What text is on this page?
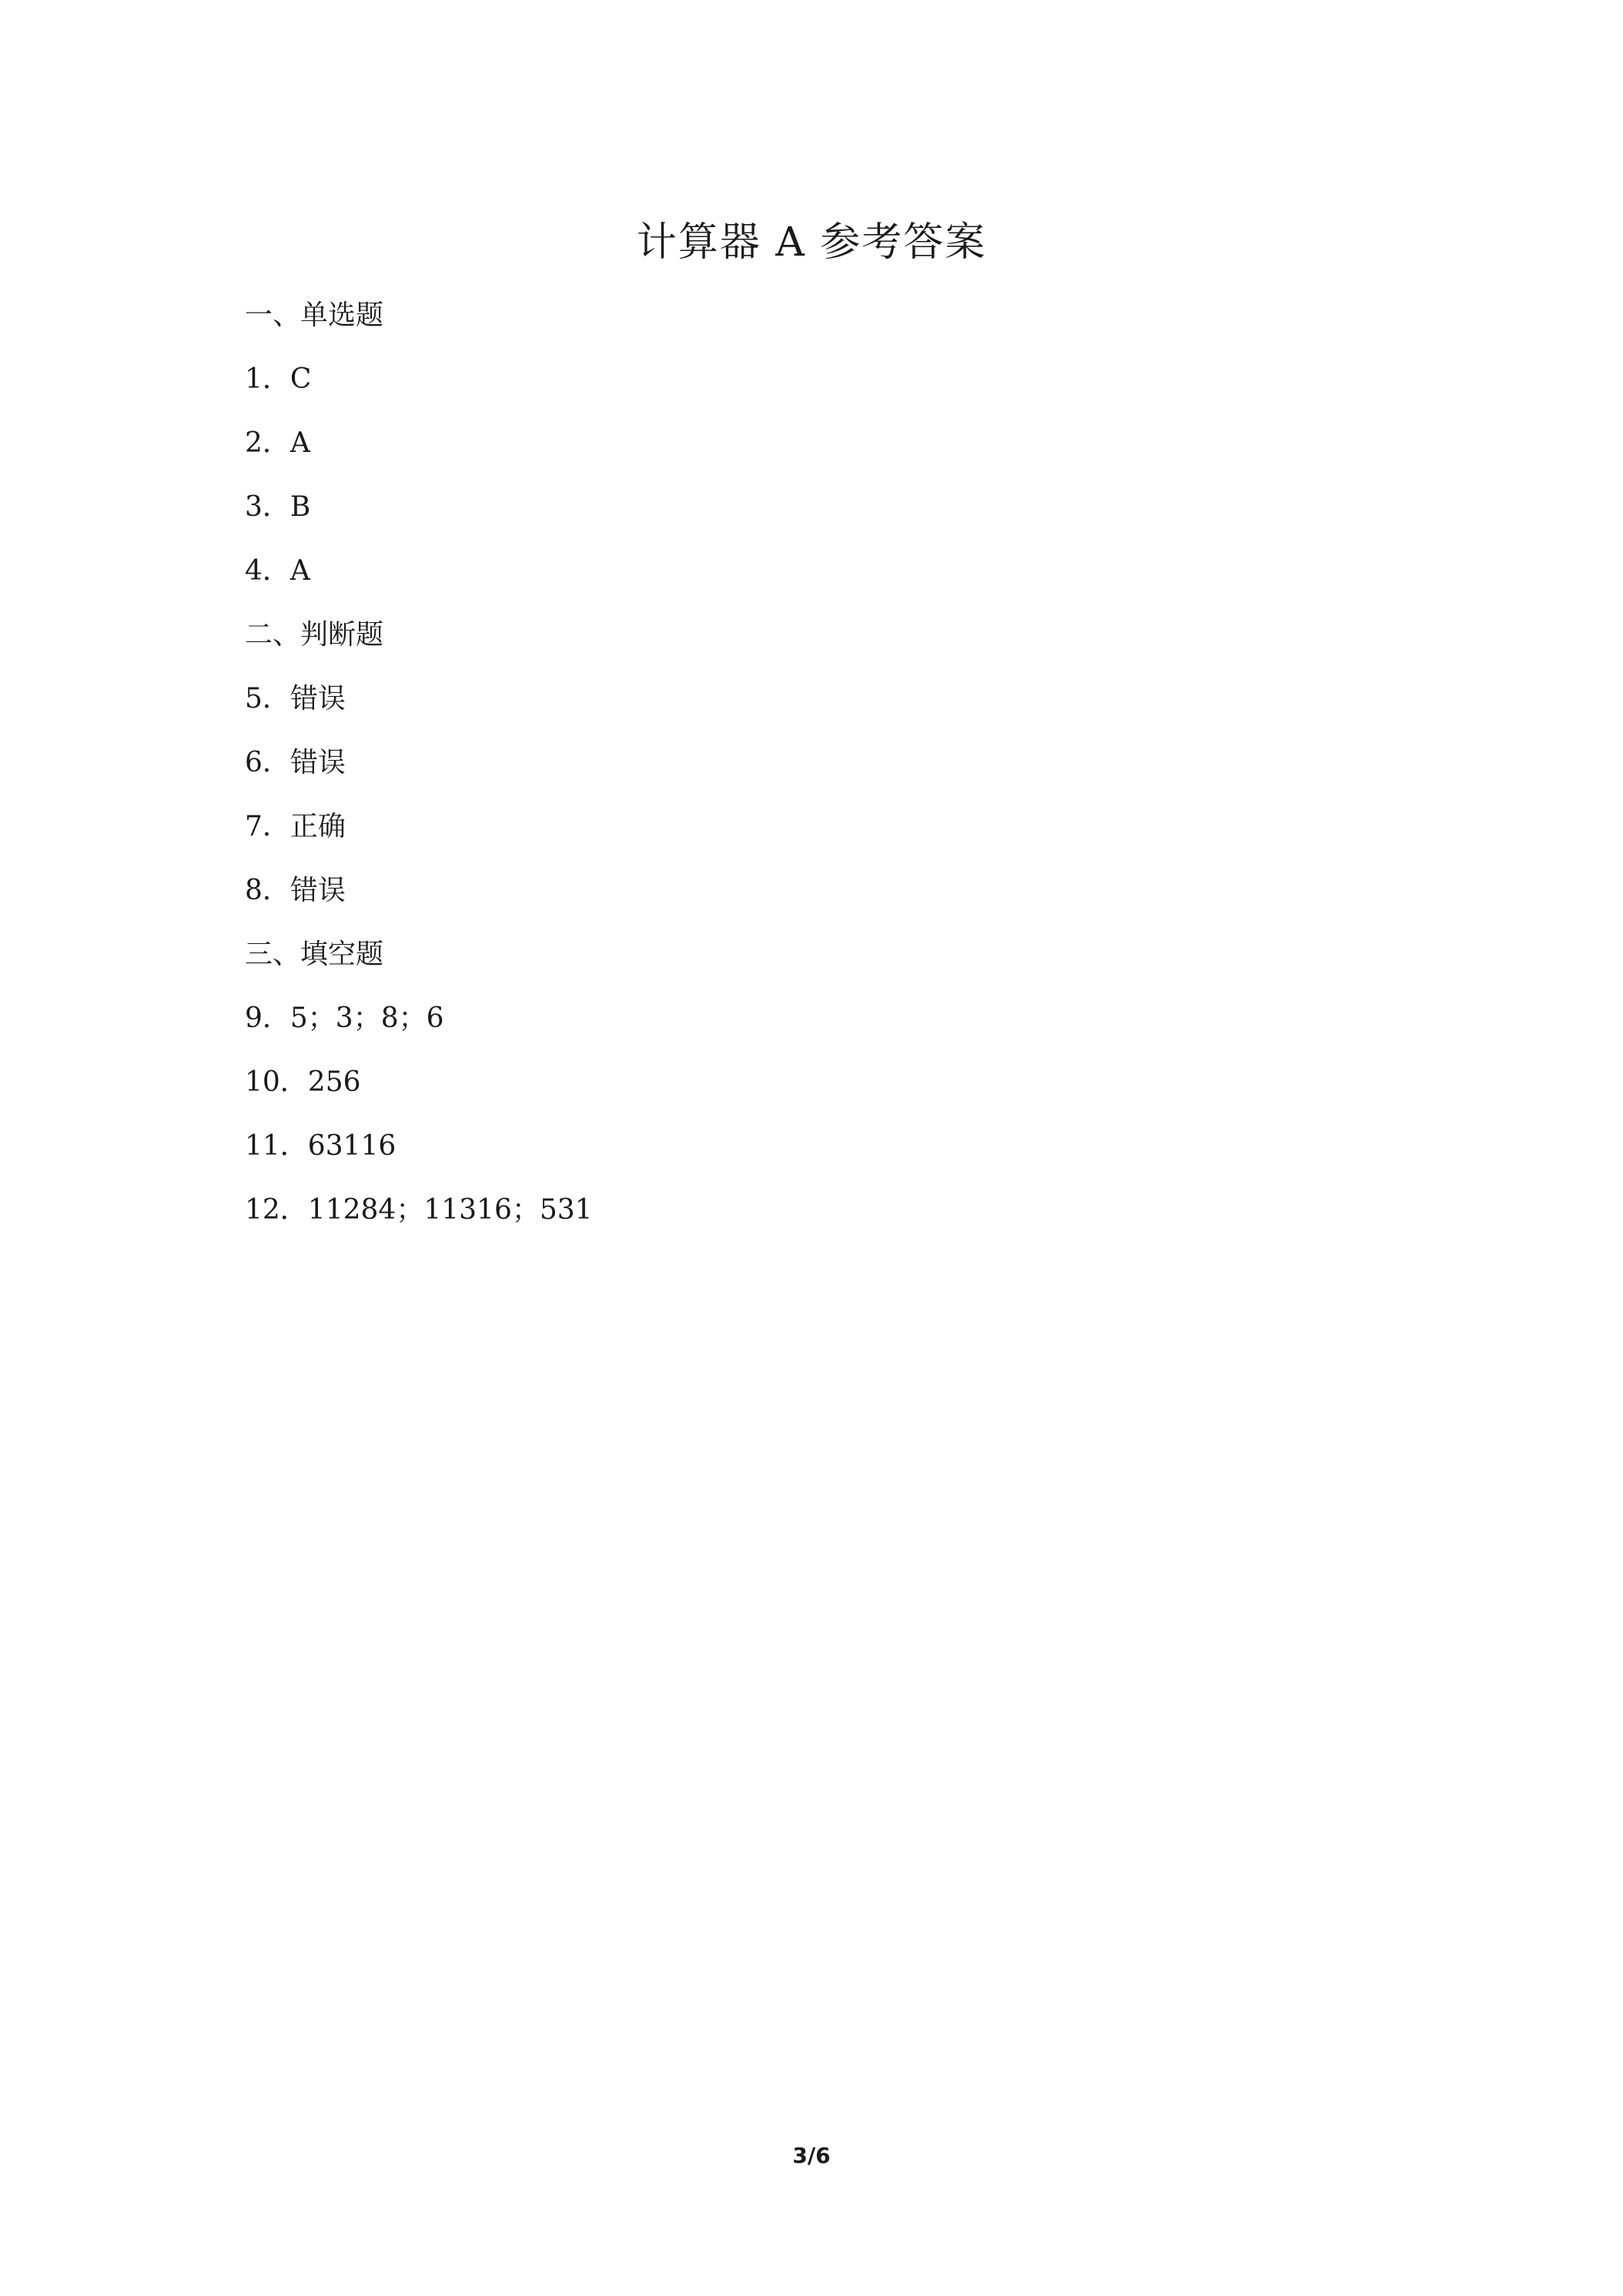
计算器 A 参考答案
一、单选题
1．C
2．A
3．B
4．A
二、判断题
5．错误
6．错误
7．正确
8．错误
三、填空题
9．5；3；8；6
10．256
11．63116
12．11284；11316；531
3/6
